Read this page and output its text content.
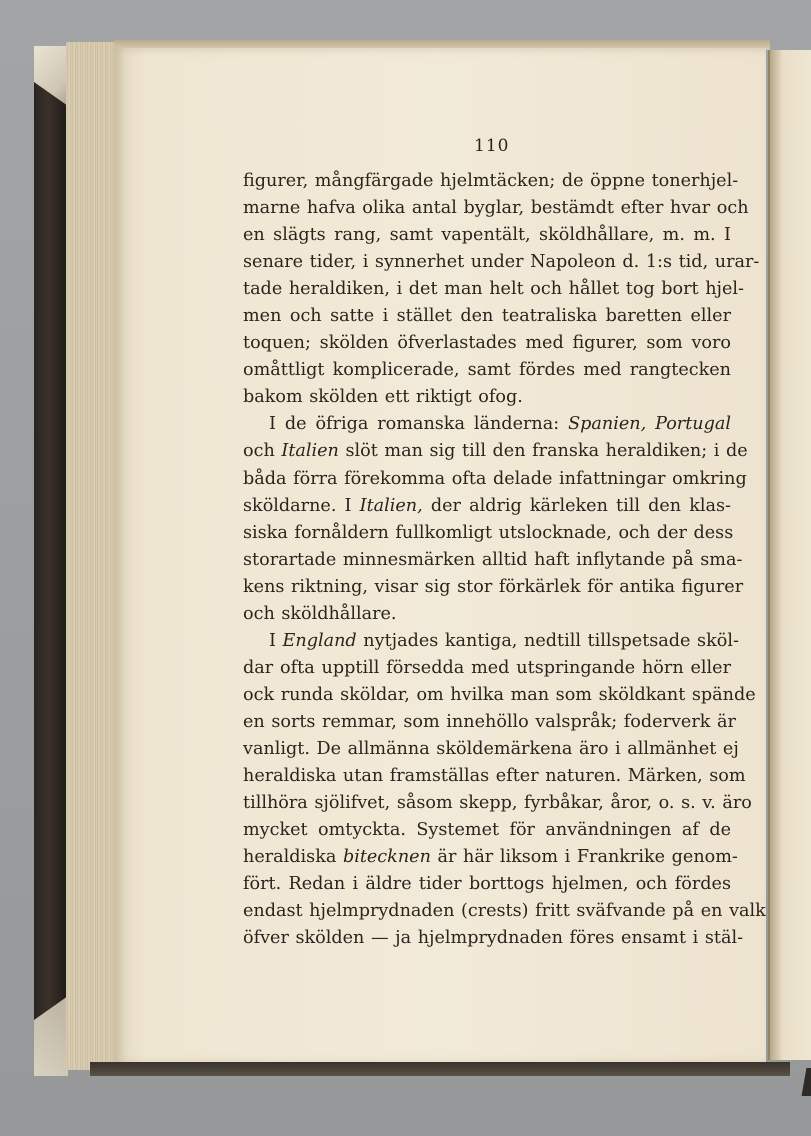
110
figurer, mångfärgade hjelmtäcken; de öppne tonerhjel-
marne hafva olika antal byglar, bestämdt efter hvar och
en slägts rang, samt vapentält, sköldhållare, m. m. I
senare tider, i synnerhet under Napoleon d. 1:s tid, urar-
tade heraldiken, i det man helt och hållet tog bort hjel-
men och satte i stället den teatraliska baretten eller
toquen; skölden öfverlastades med figurer, som voro
omåttligt komplicerade, samt fördes med rangtecken
bakom skölden ett riktigt ofog.
I de öfriga romanska länderna: Spanien, Portugal
och Italien slöt man sig till den franska heraldiken; i de
båda förra förekomma ofta delade infattningar omkring
sköldarne. I Italien, der aldrig kärleken till den klas-
siska fornåldern fullkomligt utslocknade, och der dess
storartade minnesmärken alltid haft inflytande på sma-
kens riktning, visar sig stor förkärlek för antika figurer
och sköldhållare.
I England nytjades kantiga, nedtill tillspetsade sköl-
dar ofta upptill försedda med utspringande hörn eller
ock runda sköldar, om hvilka man som sköldkant spände
en sorts remmar, som innehöllo valspråk; foderverk är
vanligt. De allmänna sköldemärkena äro i allmänhet ej
heraldiska utan framställas efter naturen. Märken, som
tillhöra sjölifvet, såsom skepp, fyrbåkar, åror, o. s. v. äro
mycket omtyckta. Systemet för användningen af de
heraldiska bitecknen är här liksom i Frankrike genom-
fört. Redan i äldre tider borttogs hjelmen, och fördes
endast hjelmprydnaden (crests) fritt sväfvande på en valk
öfver skölden — ja hjelmprydnaden föres ensamt i stäl-
